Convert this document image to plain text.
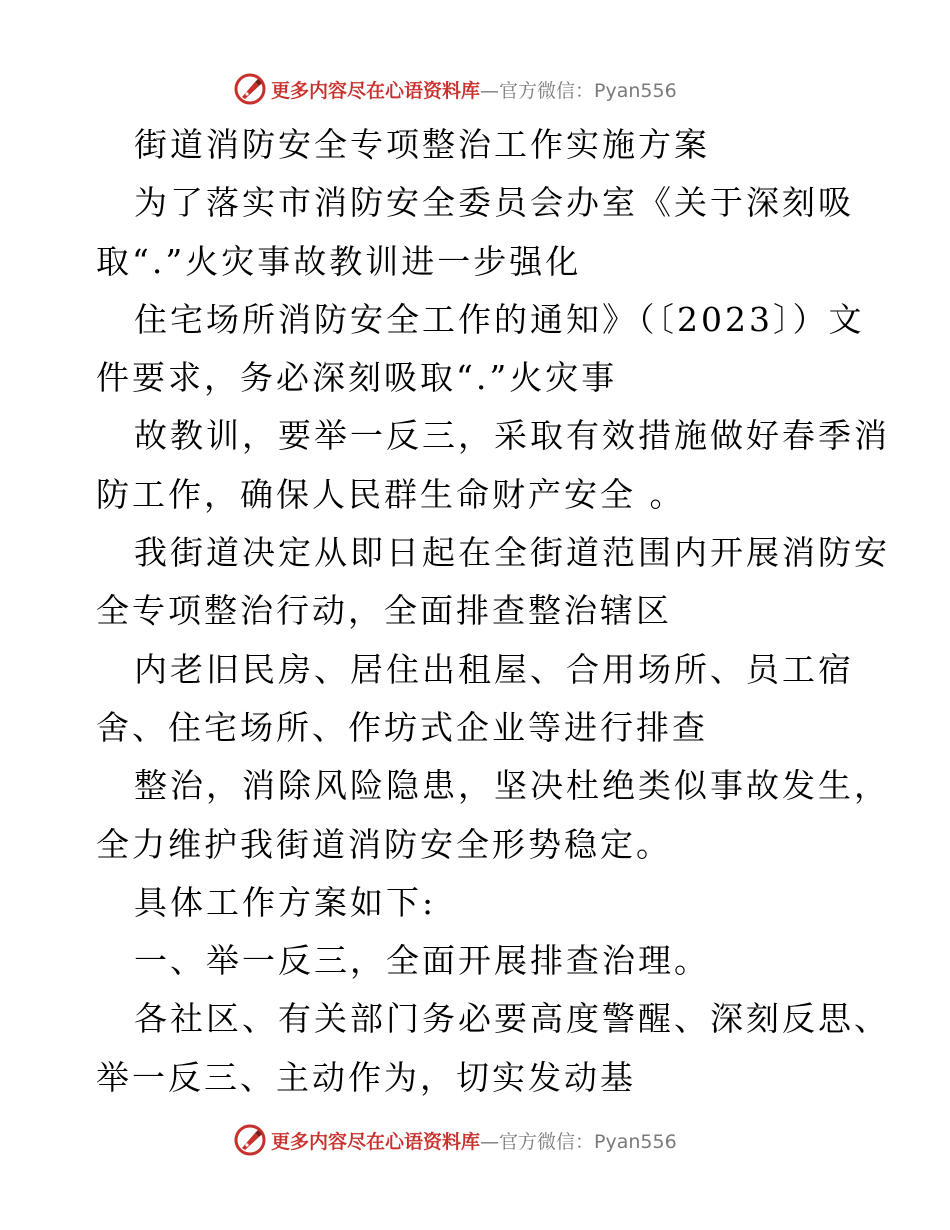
更多内容尽在心语资料库—官方微信：Pyan556
街道消防安全专项整治工作实施方案
为了落实市消防安全委员会办室《关于深刻吸
取“.”火灾事故教训进一步强化
住宅场所消防安全工作的通知》（〔2023〕）文
件要求，务必深刻吸取“.”火灾事
故教训，要举一反三，采取有效措施做好春季消
防工作，确保人民群生命财产安全 。
我街道决定从即日起在全街道范围内开展消防安
全专项整治行动，全面排查整治辖区
内老旧民房、居住出租屋、合用场所、员工宿
舍、住宅场所、作坊式企业等进行排查
整治，消除风险隐患，坚决杜绝类似事故发生，
全力维护我街道消防安全形势稳定。
具体工作方案如下:
一、举一反三，全面开展排查治理。
各社区、有关部门务必要高度警醒、深刻反思、
举一反三、主动作为，切实发动基
更多内容尽在心语资料库—官方微信：Pyan556
